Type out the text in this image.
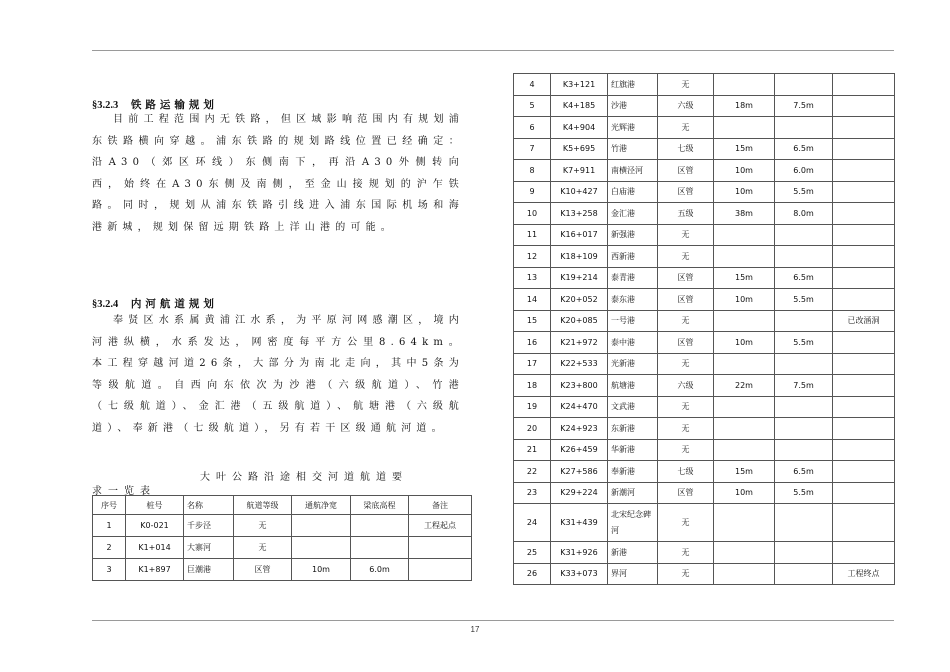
§3.2.3 铁路运输规划

目前工程范围内无铁路，但区域影响范围内有规划浦东铁路横向穿越。浦东铁路的规划路线位置已经确定：沿A30（郊区环线）东侧南下，再沿A30外侧转向西，始终在A30东侧及南侧，至金山接规划的沪乍铁路。同时，规划从浦东铁路引线进入浦东国际机场和海港新城，规划保留远期铁路上洋山港的可能。

§3.2.4 内河航道规划

奉贤区水系属黄浦江水系，为平原河网感潮区，境内河港纵横，水系发达，网密度每平方公里8.64km。本工程穿越河道26条，大部分为南北走向，其中5条为等级航道。自西向东依次为沙港（六级航道）、竹港（七级航道）、金汇港（五级航道）、航塘港（六级航道）、奉新港（七级航道），另有若干区级通航河道。

大叶公路沿途相交河道航道要
求一览表
序号	桩号	名称	航道等级	通航净宽	梁底高程	备注
1	K0-021	千步泾	无			工程起点
2	K1+014	大寨河	无			
3	K1+897	巨潮港	区管	10m	6.0m	
4	K3+121	红旗港	无			
5	K4+185	沙港	六级	18m	7.5m	
6	K4+904	光辉港	无			
7	K5+695	竹港	七级	15m	6.5m	
8	K7+911	南横泾河	区管	10m	6.0m	
9	K10+427	白庙港	区管	10m	5.5m	
10	K13+258	金汇港	五级	38m	8.0m	
11	K16+017	新强港	无			
12	K18+109	西新港	无			
13	K19+214	泰青港	区管	15m	6.5m	
14	K20+052	泰东港	区管	10m	5.5m	
15	K20+085	一号港	无			已改涵洞
16	K21+972	泰中港	区管	10m	5.5m	
17	K22+533	光新港	无			
18	K23+800	航塘港	六级	22m	7.5m	
19	K24+470	文武港	无			
20	K24+923	东新港	无			
21	K26+459	华新港	无			
22	K27+586	奉新港	七级	15m	6.5m	
23	K29+224	新潮河	区管	10m	5.5m	
24	K31+439	北宋纪念碑河	无			
25	K31+926	新港	无			
26	K33+073	界河	无			工程终点
17
